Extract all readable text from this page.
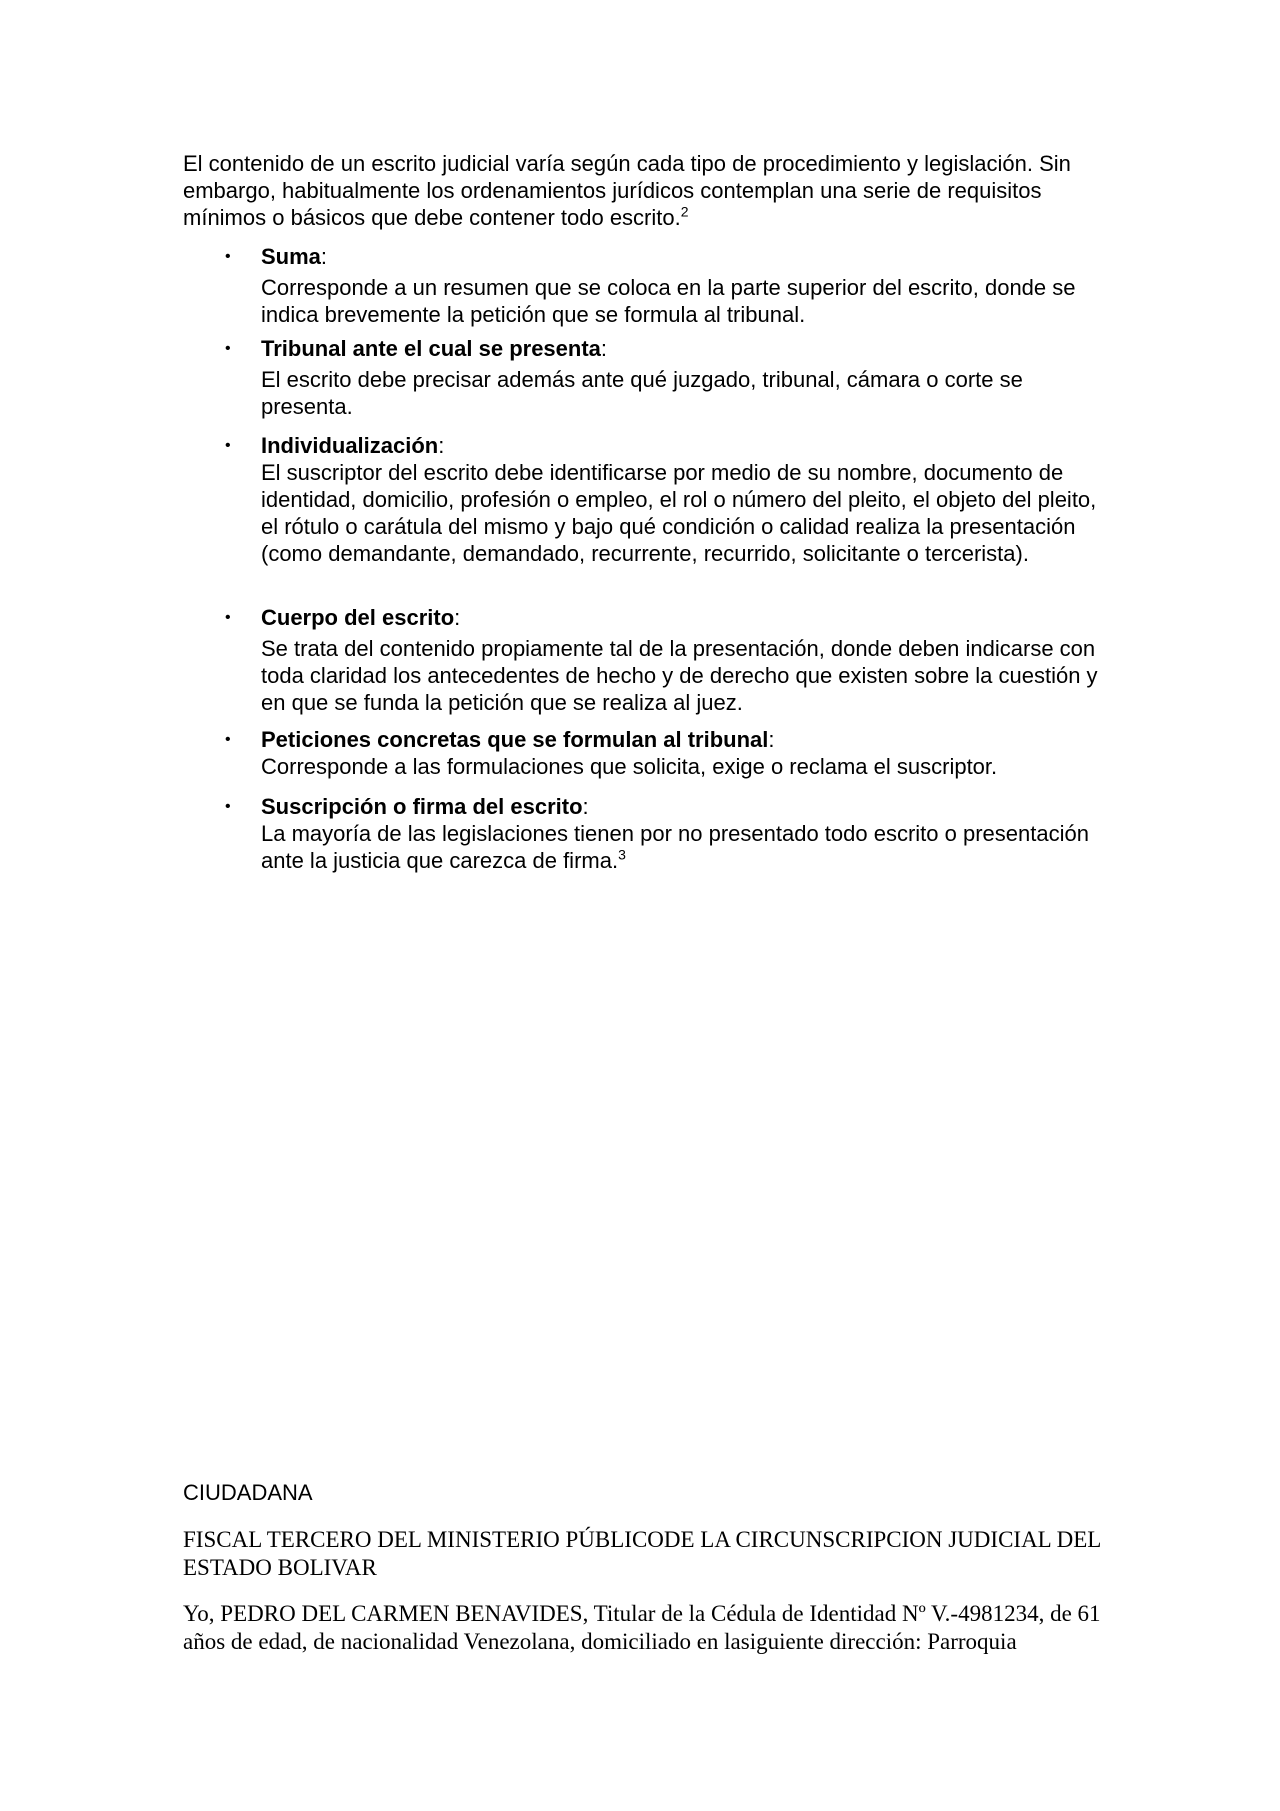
El contenido de un escrito judicial varía según cada tipo de procedimiento y legislación. Sin embargo, habitualmente los ordenamientos jurídicos contemplan una serie de requisitos mínimos o básicos que debe contener todo escrito.$^2$

• Suma:
Corresponde a un resumen que se coloca en la parte superior del escrito, donde se indica brevemente la petición que se formula al tribunal.
• Tribunal ante el cual se presenta:
El escrito debe precisar además ante qué juzgado, tribunal, cámara o corte se presenta.
• Individualización:
El suscriptor del escrito debe identificarse por medio de su nombre, documento de identidad, domicilio, profesión o empleo, el rol o número del pleito, el objeto del pleito, el rótulo o carátula del mismo y bajo qué condición o calidad realiza la presentación (como demandante, demandado, recurrente, recurrido, solicitante o tercerista).
• Cuerpo del escrito:
Se trata del contenido propiamente tal de la presentación, donde deben indicarse con toda claridad los antecedentes de hecho y de derecho que existen sobre la cuestión y en que se funda la petición que se realiza al juez.
• Peticiones concretas que se formulan al tribunal:
Corresponde a las formulaciones que solicita, exige o reclama el suscriptor.
• Suscripción o firma del escrito:
La mayoría de las legislaciones tienen por no presentado todo escrito o presentación ante la justicia que carezca de firma.$^3$

CIUDADANA

FISCAL TERCERO DEL MINISTERIO PÚBLICODE LA CIRCUNSCRIPCION JUDICIAL DEL ESTADO BOLIVAR

Yo, PEDRO DEL CARMEN BENAVIDES, Titular de la Cédula de Identidad Nº V.-4981234, de 61 años de edad, de nacionalidad Venezolana, domiciliado en lasiguiente dirección: Parroquia
